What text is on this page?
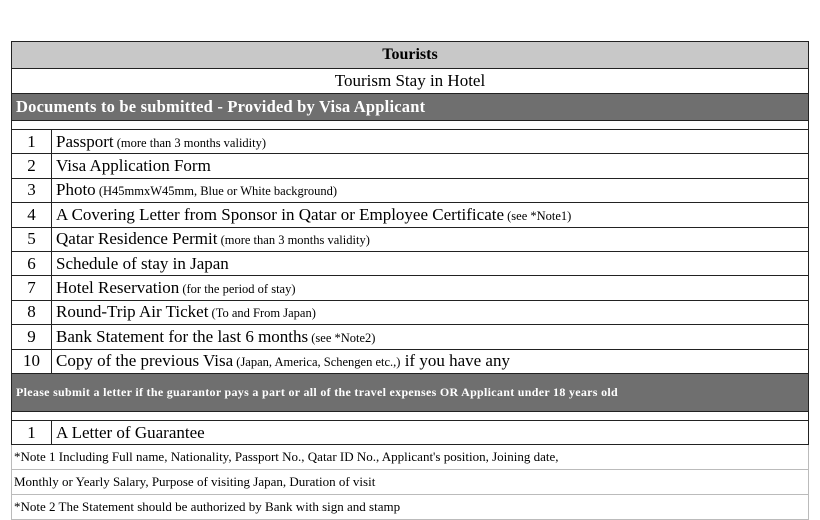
Tourists
Tourism Stay in Hotel
Documents to be submitted - Provided by Visa Applicant
1	Passport (more than 3 months validity)
2	Visa Application Form
3	Photo (H45mmxW45mm, Blue or White background)
4	A Covering Letter from Sponsor in Qatar or Employee Certificate (see *Note1)
5	Qatar Residence Permit (more than 3 months validity)
6	Schedule of stay in Japan
7	Hotel Reservation (for the period of stay)
8	Round-Trip Air Ticket (To and From Japan)
9	Bank Statement for the last 6 months (see *Note2)
10 Copy of the previous Visa (Japan, America, Schengen etc.,) if you have any
Please submit a letter if the guarantor pays a part or all of the travel expenses OR Applicant under 18 years old
1	A Letter of Guarantee
*Note 1 Including Full name, Nationality, Passport No., Qatar ID No., Applicant's position, Joining date,
Monthly or Yearly Salary, Purpose of visiting Japan, Duration of visit
*Note 2 The Statement should be authorized by Bank with sign and stamp
